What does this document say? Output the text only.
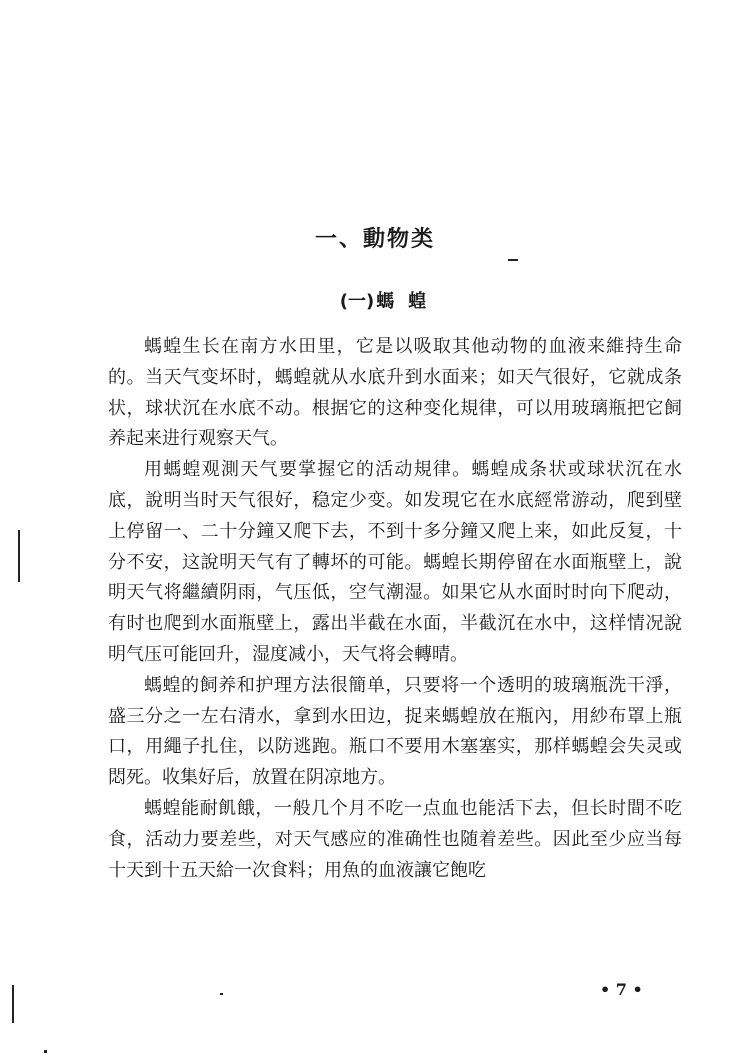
一、動物类
(一) 螞蝗

螞蝗生长在南方水田里，它是以吸取其他动物的血液来維持生命的。当天气变坏时，螞蝗就从水底升到水面来；如天气很好，它就成条状，球状沉在水底不动。根据它的这种变化規律，可以用玻璃瓶把它飼养起来进行观察天气。

用螞蝗观測天气要掌握它的活动規律。螞蝗成条状或球状沉在水底，說明当时天气很好，稳定少变。如发現它在水底經常游动，爬到壁上停留一、二十分鐘又爬下去，不到十多分鐘又爬上来，如此反复，十分不安，这說明天气有了轉坏的可能。螞蝗长期停留在水面瓶壁上，說明天气将繼續阴雨，气压低，空气潮湿。如果它从水面时时向下爬动，有时也爬到水面瓶壁上，露出半截在水面，半截沉在水中，这样情况說明气压可能回升，湿度减小，天气将会轉晴。

螞蝗的飼养和护理方法很簡单，只要将一个透明的玻璃瓶洗干淨，盛三分之一左右清水，拿到水田边，捉来螞蝗放在瓶內，用紗布罩上瓶口，用繩子扎住，以防逃跑。瓶口不要用木塞塞实，那样螞蝗会失灵或悶死。收集好后，放置在阴凉地方。

螞蝗能耐飢餓，一般几个月不吃一点血也能活下去，但长时間不吃食，活动力要差些，对天气感应的准确性也随着差些。因此至少应当每十天到十五天給一次食料；用魚的血液讓它飽吃

• 7 •
